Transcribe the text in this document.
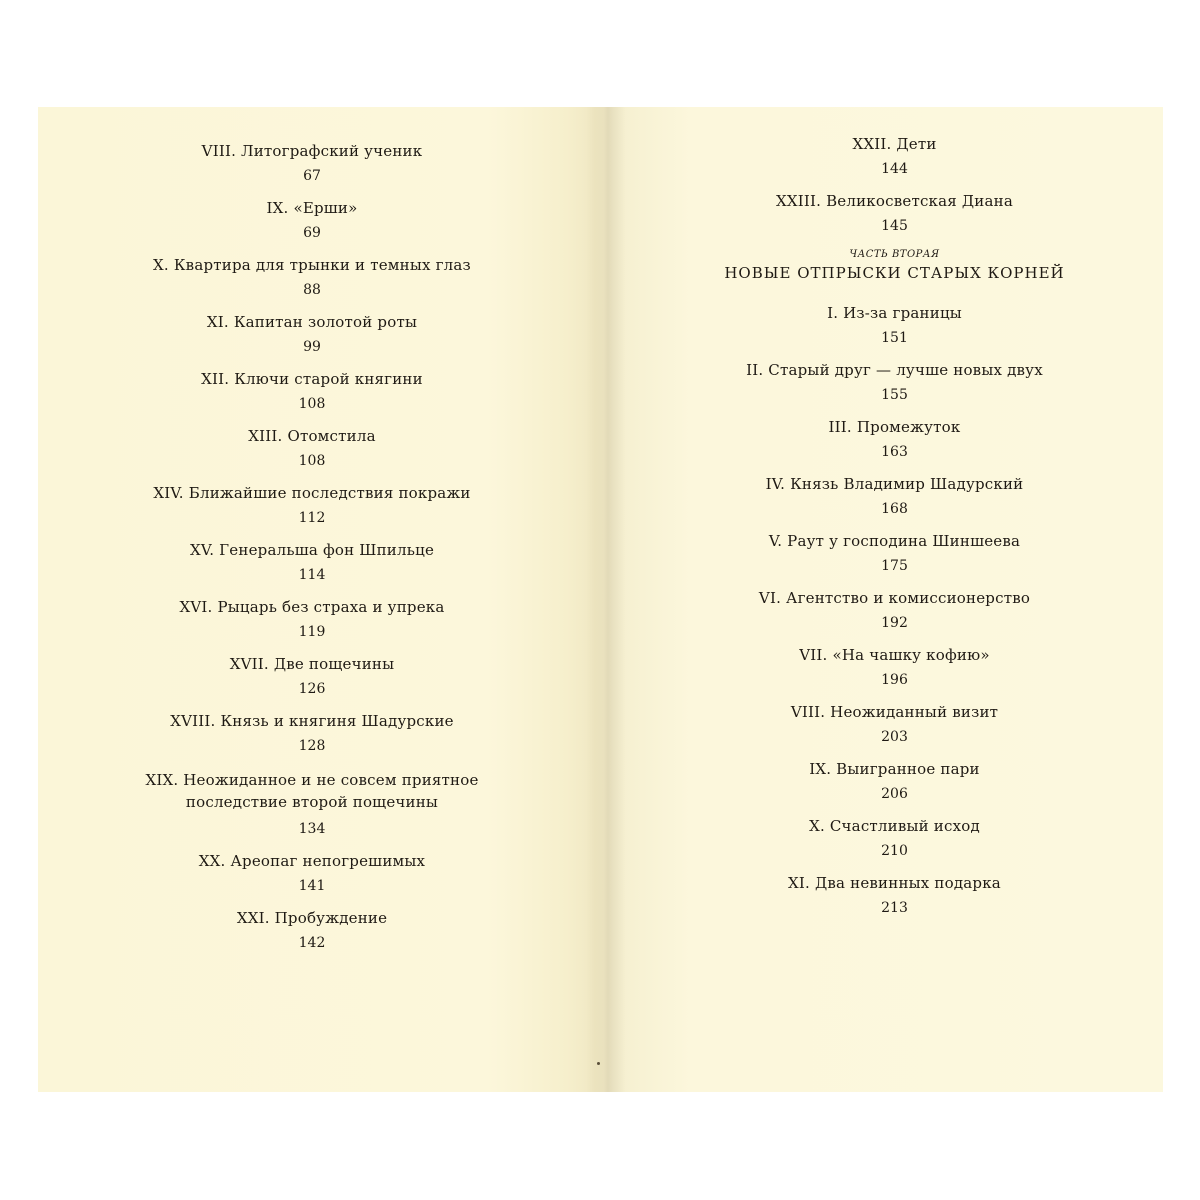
VIII. Литографский ученик
67
IX. «Ерши»
69
X. Квартира для трынки и темных глаз
88
XI. Капитан золотой роты
99
XII. Ключи старой княгини
108
XIII. Отомстила
108
XIV. Ближайшие последствия покражи
112
XV. Генеральша фон Шпильце
114
XVI. Рыцарь без страха и упрека
119
XVII. Две пощечины
126
XVIII. Князь и княгиня Шадурские
128
XIX. Неожиданное и не совсем приятное
последствие второй пощечины
134
XX. Ареопаг непогрешимых
141
XXI. Пробуждение
142
XXII. Дети
144
XXIII. Великосветская Диана
145
ЧАСТЬ ВТОРАЯ
НОВЫЕ ОТПРЫСКИ СТАРЫХ КОРНЕЙ
I. Из-за границы
151
II. Старый друг — лучше новых двух
155
III. Промежуток
163
IV. Князь Владимир Шадурский
168
V. Раут у господина Шиншеева
175
VI. Агентство и комиссионерство
192
VII. «На чашку кофию»
196
VIII. Неожиданный визит
203
IX. Выигранное пари
206
X. Счастливый исход
210
XI. Два невинных подарка
213
